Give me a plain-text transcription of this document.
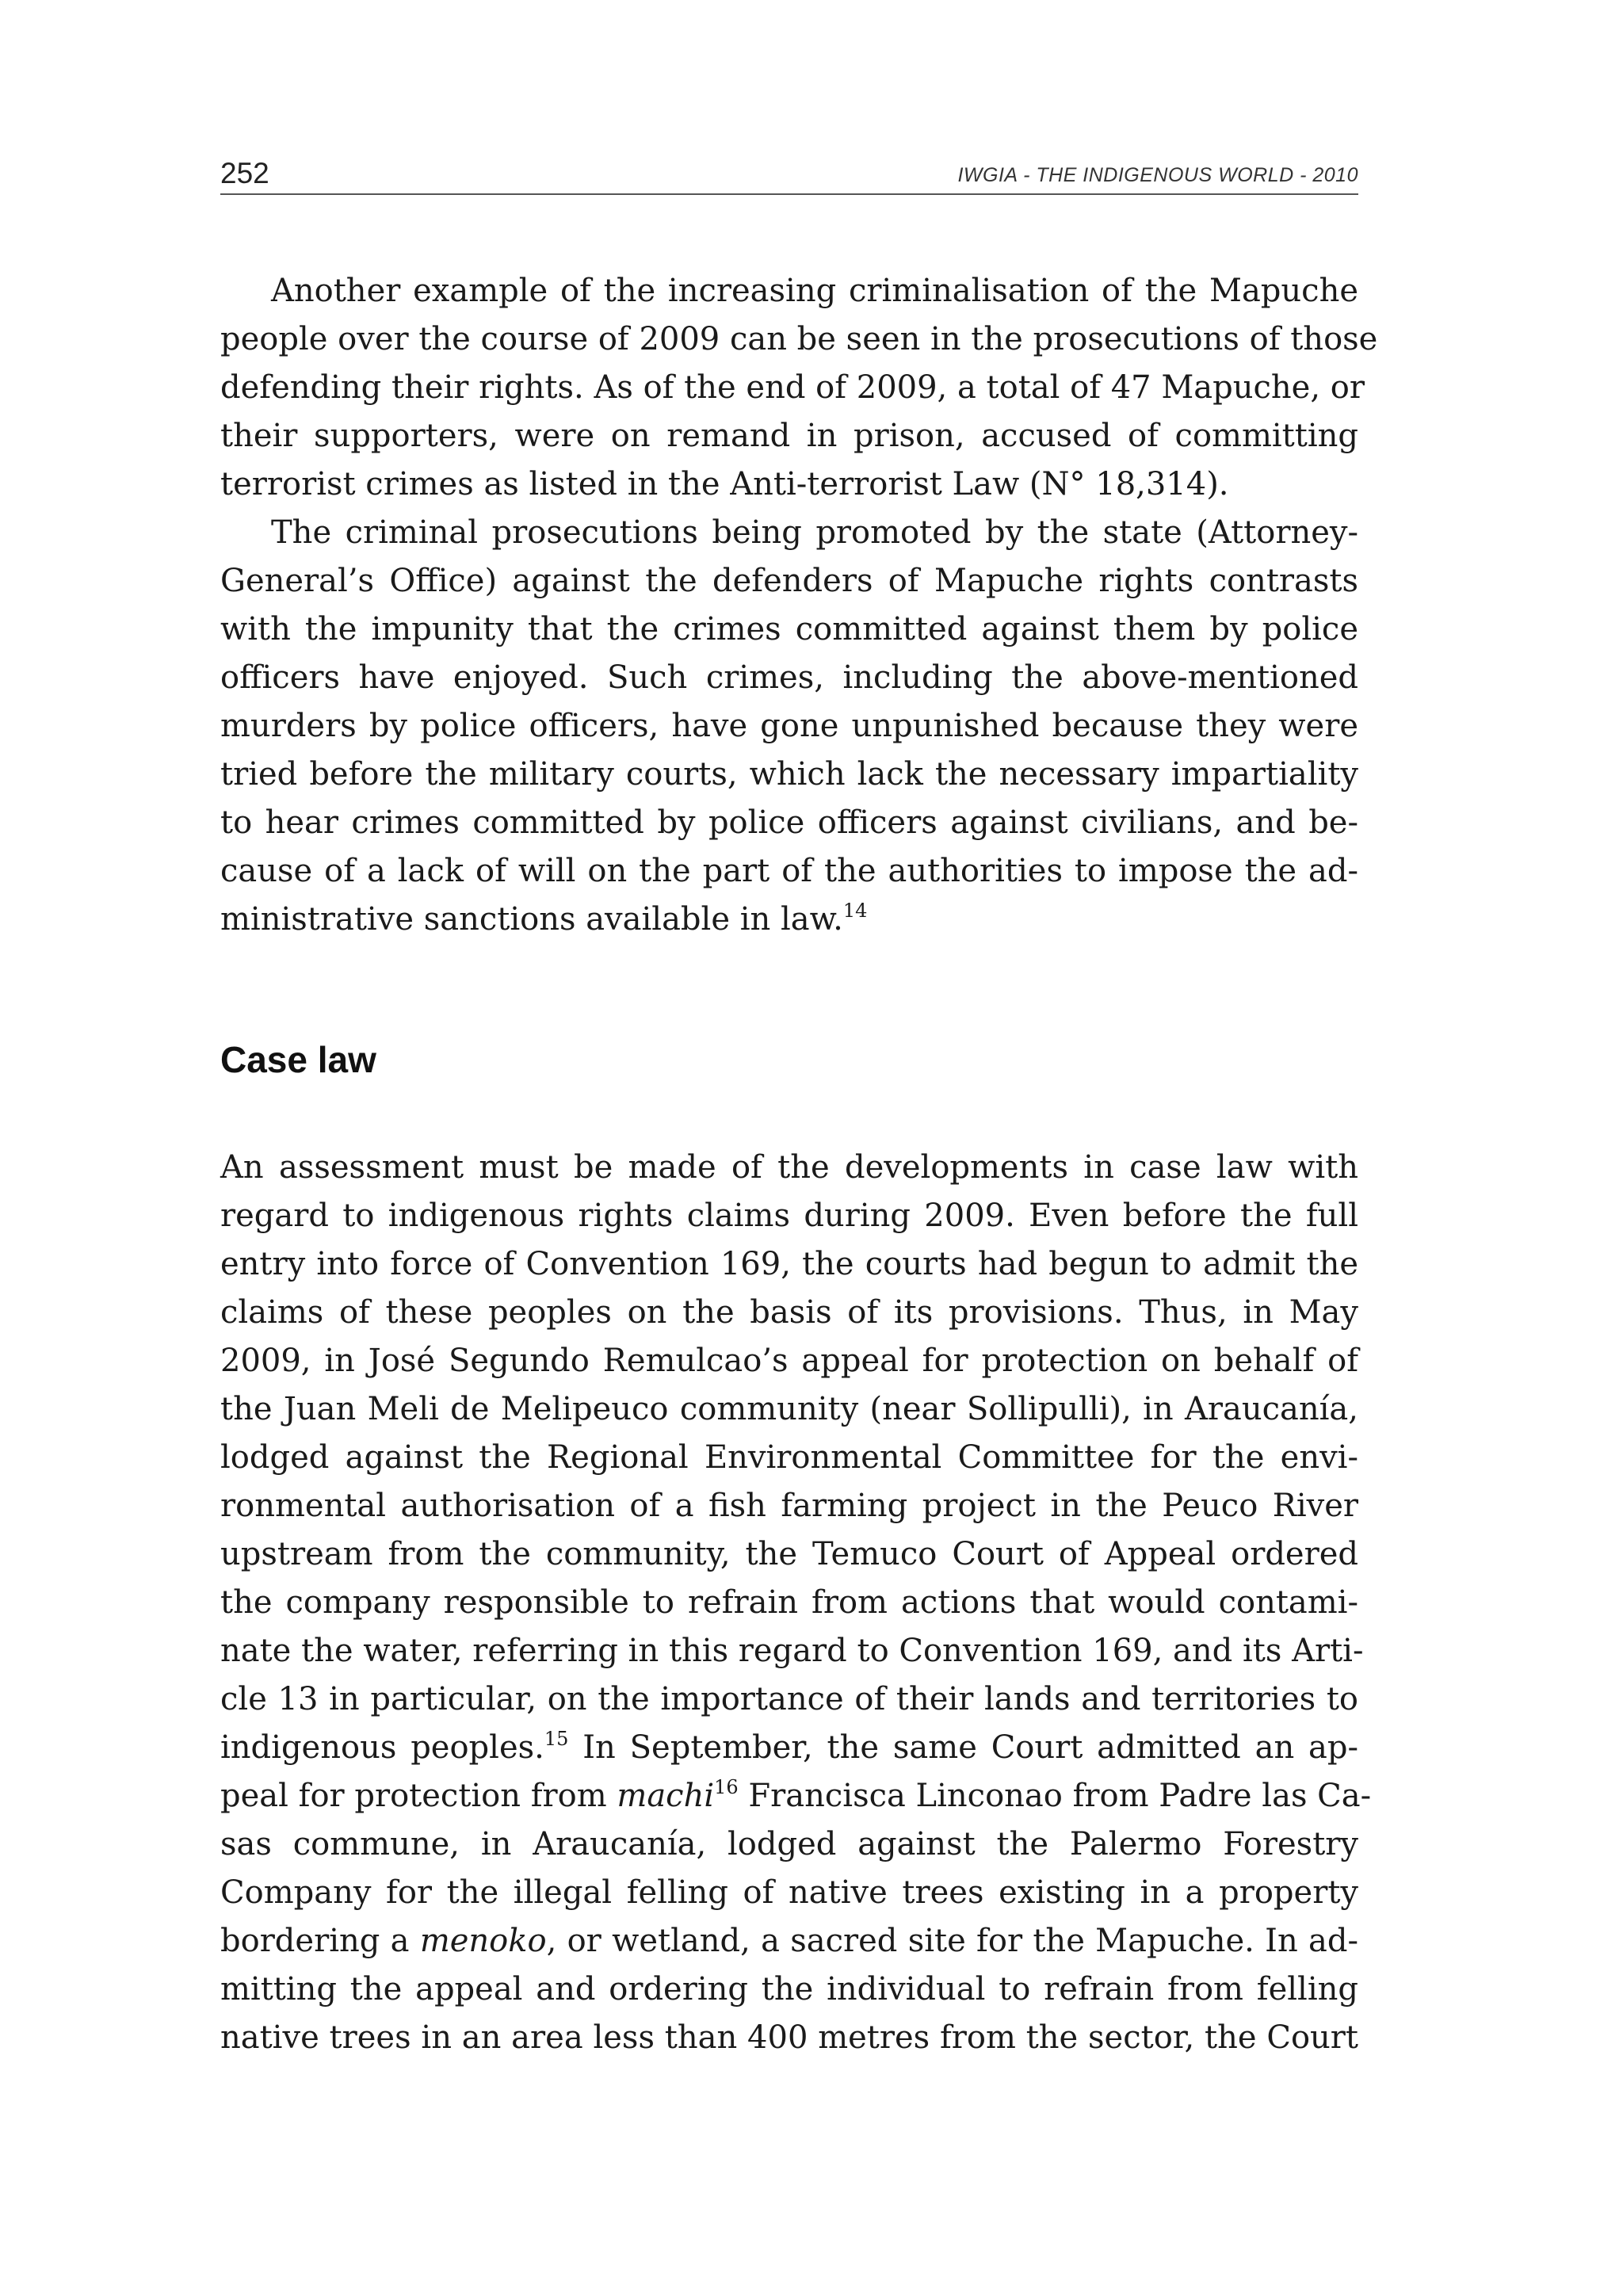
252	IWGIA - THE INDIGENOUS WORLD - 2010
Another example of the increasing criminalisation of the Mapuche
people over the course of 2009 can be seen in the prosecutions of those
defending their rights. As of the end of 2009, a total of 47 Mapuche, or
their supporters, were on remand in prison, accused of committing
terrorist crimes as listed in the Anti-terrorist Law (N° 18,314).
The criminal prosecutions being promoted by the state (Attorney-
General’s Office) against the defenders of Mapuche rights contrasts
with the impunity that the crimes committed against them by police
officers have enjoyed. Such crimes, including the above-mentioned
murders by police officers, have gone unpunished because they were
tried before the military courts, which lack the necessary impartiality
to hear crimes committed by police officers against civilians, and be-
cause of a lack of will on the part of the authorities to impose the ad-
ministrative sanctions available in law.$^{14}$
Case law
An assessment must be made of the developments in case law with
regard to indigenous rights claims during 2009. Even before the full
entry into force of Convention 169, the courts had begun to admit the
claims of these peoples on the basis of its provisions. Thus, in May
2009, in José Segundo Remulcao’s appeal for protection on behalf of
the Juan Meli de Melipeuco community (near Sollipulli), in Araucanía,
lodged against the Regional Environmental Committee for the envi-
ronmental authorisation of a fish farming project in the Peuco River
upstream from the community, the Temuco Court of Appeal ordered
the company responsible to refrain from actions that would contami-
nate the water, referring in this regard to Convention 169, and its Arti-
cle 13 in particular, on the importance of their lands and territories to
indigenous peoples.$^{15}$ In September, the same Court admitted an ap-
peal for protection from machi$^{16}$ Francisca Linconao from Padre las Ca-
sas commune, in Araucanía, lodged against the Palermo Forestry
Company for the illegal felling of native trees existing in a property
bordering a menoko, or wetland, a sacred site for the Mapuche. In ad-
mitting the appeal and ordering the individual to refrain from felling
native trees in an area less than 400 metres from the sector, the Court
